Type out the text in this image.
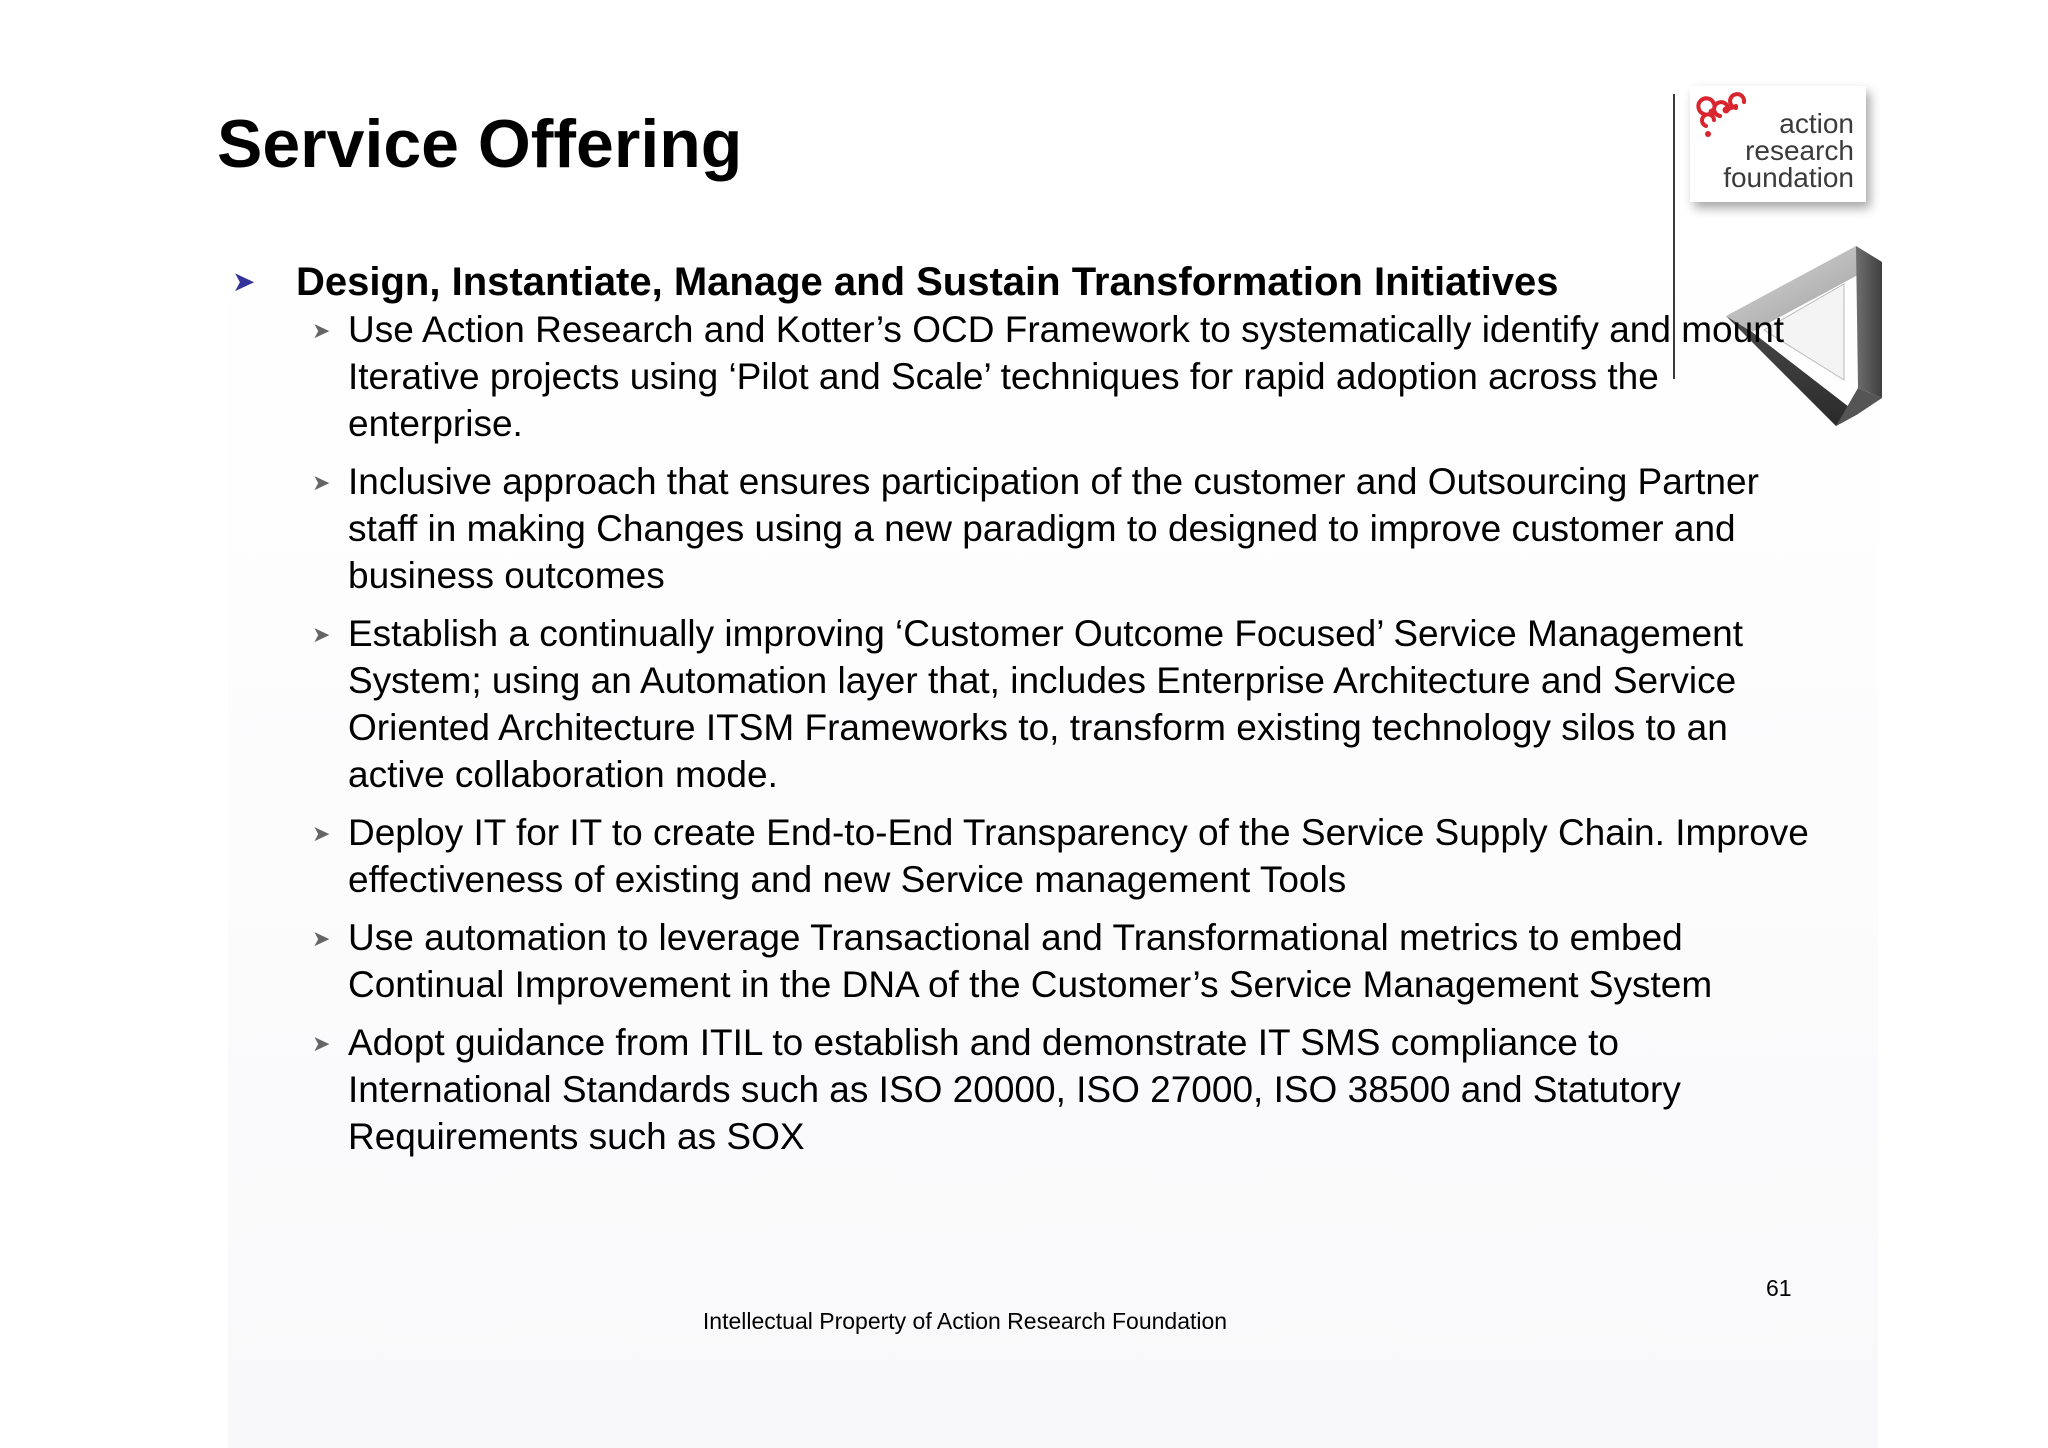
Service Offering	action
research
foundation
➤ Design, Instantiate, Manage and Sustain Transformation Initiatives
➤ Use Action Research and Kotter’s OCD Framework to systematically identify and mount Iterative projects using ‘Pilot and Scale’ techniques for rapid adoption across the enterprise.
➤ Inclusive approach that ensures participation of the customer and Outsourcing Partner staff in making Changes using a new paradigm to designed to improve customer and business outcomes
➤ Establish a continually improving ‘Customer Outcome Focused’ Service Management System; using an Automation layer that, includes Enterprise Architecture and Service Oriented Architecture ITSM Frameworks to, transform existing technology silos to an active collaboration mode.
➤ Deploy IT for IT to create End-to-End Transparency of the Service Supply Chain. Improve effectiveness of existing and new Service management Tools
➤ Use automation to leverage Transactional and Transformational metrics to embed Continual Improvement in the DNA of the Customer’s Service Management System
➤ Adopt guidance from ITIL to establish and demonstrate IT SMS compliance to International Standards such as ISO 20000, ISO 27000, ISO 38500 and Statutory Requirements such as SOX
61
Intellectual Property of Action Research Foundation
